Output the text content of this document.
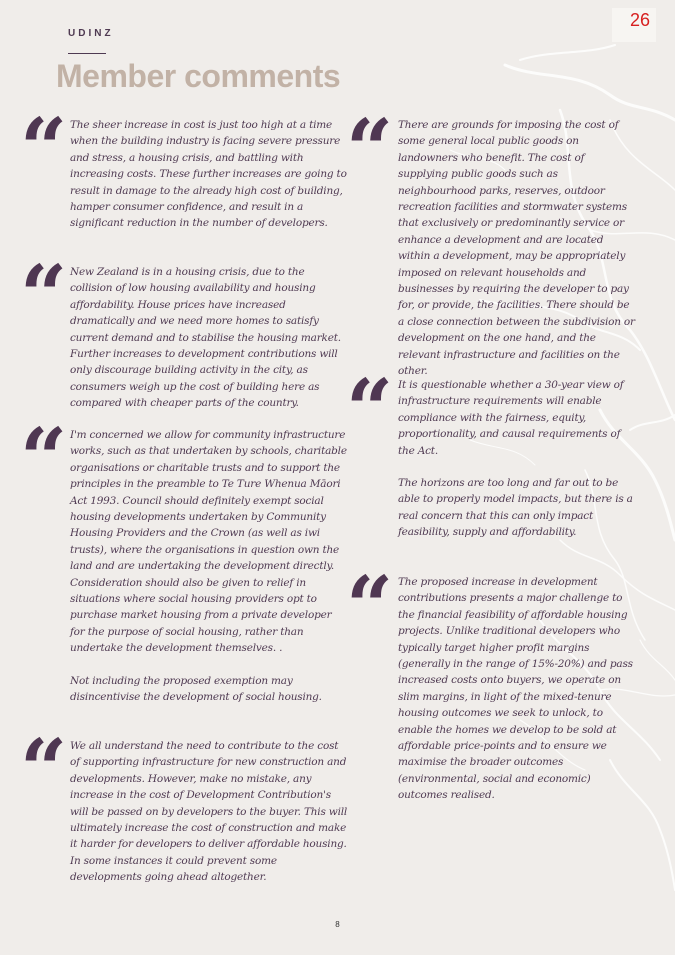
26
UDINZ
Member comments
“ The sheer increase in cost is just too high at a time when the building industry is facing severe pressure and stress, a housing crisis, and battling with increasing costs. These further increases are going to result in damage to the already high cost of building, hamper consumer confidence, and result in a significant reduction in the number of developers.

“ New Zealand is in a housing crisis, due to the collision of low housing availability and housing affordability. House prices have increased dramatically and we need more homes to satisfy current demand and to stabilise the housing market. Further increases to development contributions will only discourage building activity in the city, as consumers weigh up the cost of building here as compared with cheaper parts of the country.

“ I'm concerned we allow for community infrastructure works, such as that undertaken by schools, charitable organisations or charitable trusts and to support the principles in the preamble to Te Ture Whenua Māori Act 1993. Council should definitely exempt social housing developments undertaken by Community Housing Providers and the Crown (as well as iwi trusts), where the organisations in question own the land and are undertaking the development directly. Consideration should also be given to relief in situations where social housing providers opt to purchase market housing from a private developer for the purpose of social housing, rather than undertake the development themselves. .

Not including the proposed exemption may disincentivise the development of social housing.

“ We all understand the need to contribute to the cost of supporting infrastructure for new construction and developments. However, make no mistake, any increase in the cost of Development Contribution's will be passed on by developers to the buyer. This will ultimately increase the cost of construction and make it harder for developers to deliver affordable housing. In some instances it could prevent some developments going ahead altogether.

“ There are grounds for imposing the cost of some general local public goods on landowners who benefit. The cost of supplying public goods such as neighbourhood parks, reserves, outdoor recreation facilities and stormwater systems that exclusively or predominantly service or enhance a development and are located within a development, may be appropriately imposed on relevant households and businesses by requiring the developer to pay for, or provide, the facilities. There should be a close connection between the subdivision or development on the one hand, and the relevant infrastructure and facilities on the other.

“ It is questionable whether a 30-year view of infrastructure requirements will enable compliance with the fairness, equity, proportionality, and causal requirements of the Act.

The horizons are too long and far out to be able to properly model impacts, but there is a real concern that this can only impact feasibility, supply and affordability.

“ The proposed increase in development contributions presents a major challenge to the financial feasibility of affordable housing projects. Unlike traditional developers who typically target higher profit margins (generally in the range of 15%-20%) and pass increased costs onto buyers, we operate on slim margins, in light of the mixed-tenure housing outcomes we seek to unlock, to enable the homes we develop to be sold at affordable price-points and to ensure we maximise the broader outcomes (environmental, social and economic) outcomes realised.

8
